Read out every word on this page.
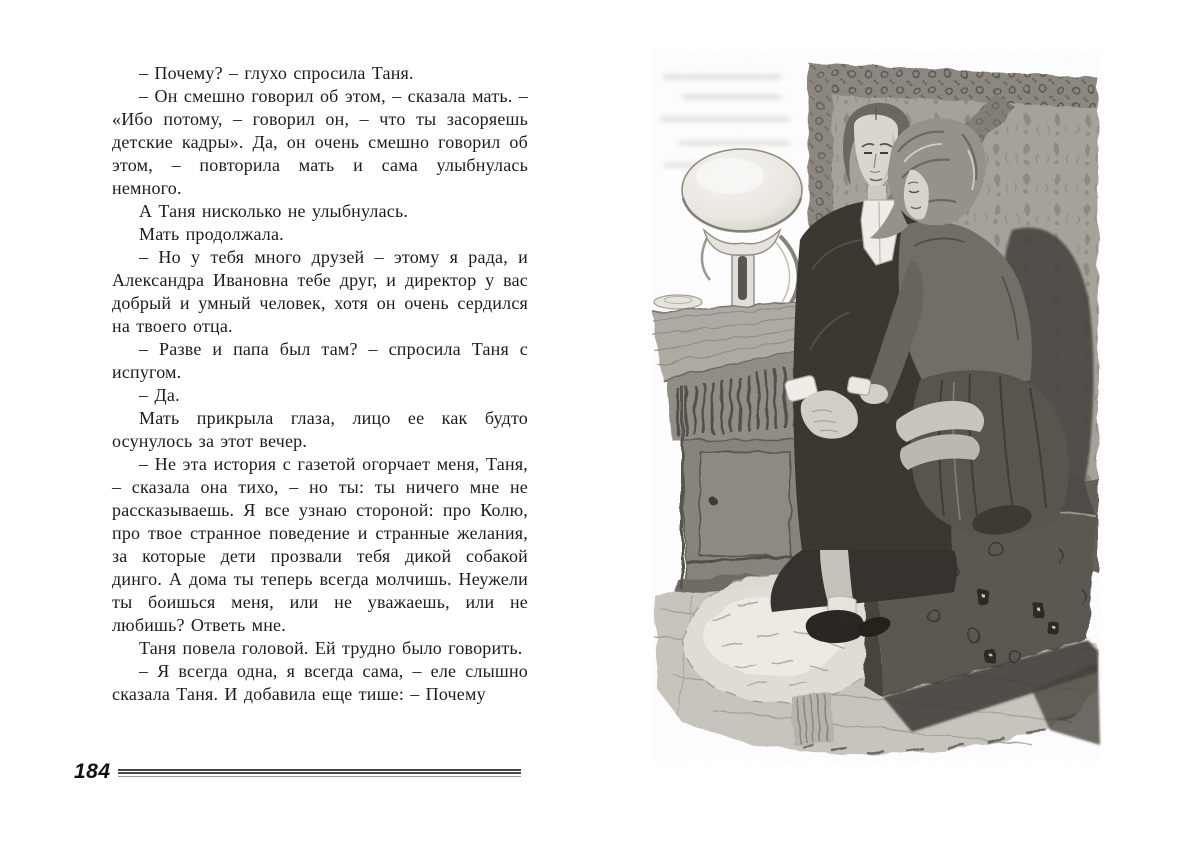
– Почему? – глухо спросила Таня.

– Он смешно говорил об этом, – сказала мать. – «Ибо потому, – говорил он, – что ты засоряешь детские кадры». Да, он очень смешно говорил об этом, – повторила мать и сама улыбнулась немного.

А Таня нисколько не улыбнулась.

Мать продолжала.

– Но у тебя много друзей – этому я рада, и Александра Ивановна тебе друг, и директор у вас добрый и умный человек, хотя он очень сердился на твоего отца.

– Разве и папа был там? – спросила Таня с испугом.

– Да.

Мать прикрыла глаза, лицо ее как будто осунулось за этот вечер.

– Не эта история с газетой огорчает меня, Таня, – сказала она тихо, – но ты: ты ничего мне не рассказываешь. Я все узнаю стороной: про Колю, про твое странное поведение и странные желания, за которые дети прозвали тебя дикой собакой динго. А дома ты теперь всегда молчишь. Неужели ты боишься меня, или не уважаешь, или не любишь? Ответь мне.

Таня повела головой. Ей трудно было говорить.

– Я всегда одна, я всегда сама, – еле слышно сказала Таня. И добавила еще тише: – Почему

184
